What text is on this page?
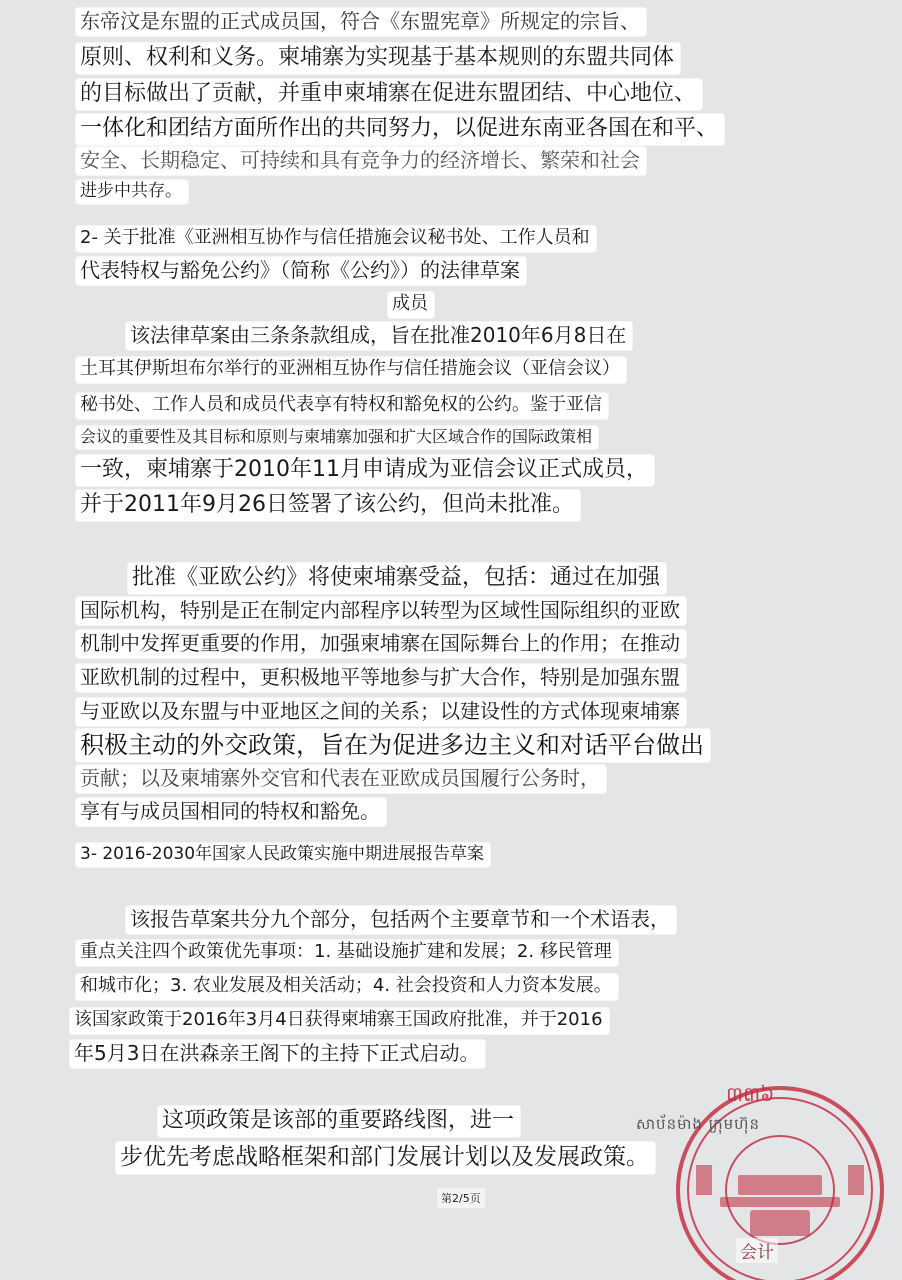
东帝汶是东盟的正式成员国，符合《东盟宪章》所规定的宗旨、
原则、权利和义务。柬埔寨为实现基于基本规则的东盟共同体
的目标做出了贡献，并重申柬埔寨在促进东盟团结、中心地位、
一体化和团结方面所作出的共同努力，以促进东南亚各国在和平、
安全、长期稳定、可持续和具有竞争力的经济增长、繁荣和社会
进步中共存。
2- 关于批准《亚洲相互协作与信任措施会议秘书处、工作人员和
代表特权与豁免公约》（简称《公约》）的法律草案
成员
该法律草案由三条条款组成，旨在批准2010年6月8日在
土耳其伊斯坦布尔举行的亚洲相互协作与信任措施会议（亚信会议）
秘书处、工作人员和成员代表享有特权和豁免权的公约。鉴于亚信
会议的重要性及其目标和原则与柬埔寨加强和扩大区域合作的国际政策相
一致，柬埔寨于2010年11月申请成为亚信会议正式成员，
并于2011年9月26日签署了该公约，但尚未批准。
批准《亚欧公约》将使柬埔寨受益，包括：通过在加强
国际机构，特别是正在制定内部程序以转型为区域性国际组织的亚欧
机制中发挥更重要的作用，加强柬埔寨在国际舞台上的作用；在推动
亚欧机制的过程中，更积极地平等地参与扩大合作，特别是加强东盟
与亚欧以及东盟与中亚地区之间的关系；以建设性的方式体现柬埔寨
积极主动的外交政策，旨在为促进多边主义和对话平台做出
贡献；以及柬埔寨外交官和代表在亚欧成员国履行公务时，
享有与成员国相同的特权和豁免。
3- 2016-2030年国家人民政策实施中期进展报告草案
该报告草案共分九个部分，包括两个主要章节和一个术语表，
重点关注四个政策优先事项：1. 基础设施扩建和发展；2. 移民管理
和城市化；3. 农业发展及相关活动；4. 社会投资和人力资本发展。
该国家政策于2016年3月4日获得柬埔寨王国政府批准，并于2016
年5月3日在洪森亲王阁下的主持下正式启动。
这项政策是该部的重要路线图，进一
步优先考虑战略框架和部门发展计划以及发展政策。
第2/5页
៣៣៦
សាប័នម៉ាង ក្រុមហ៊ុន
会计
